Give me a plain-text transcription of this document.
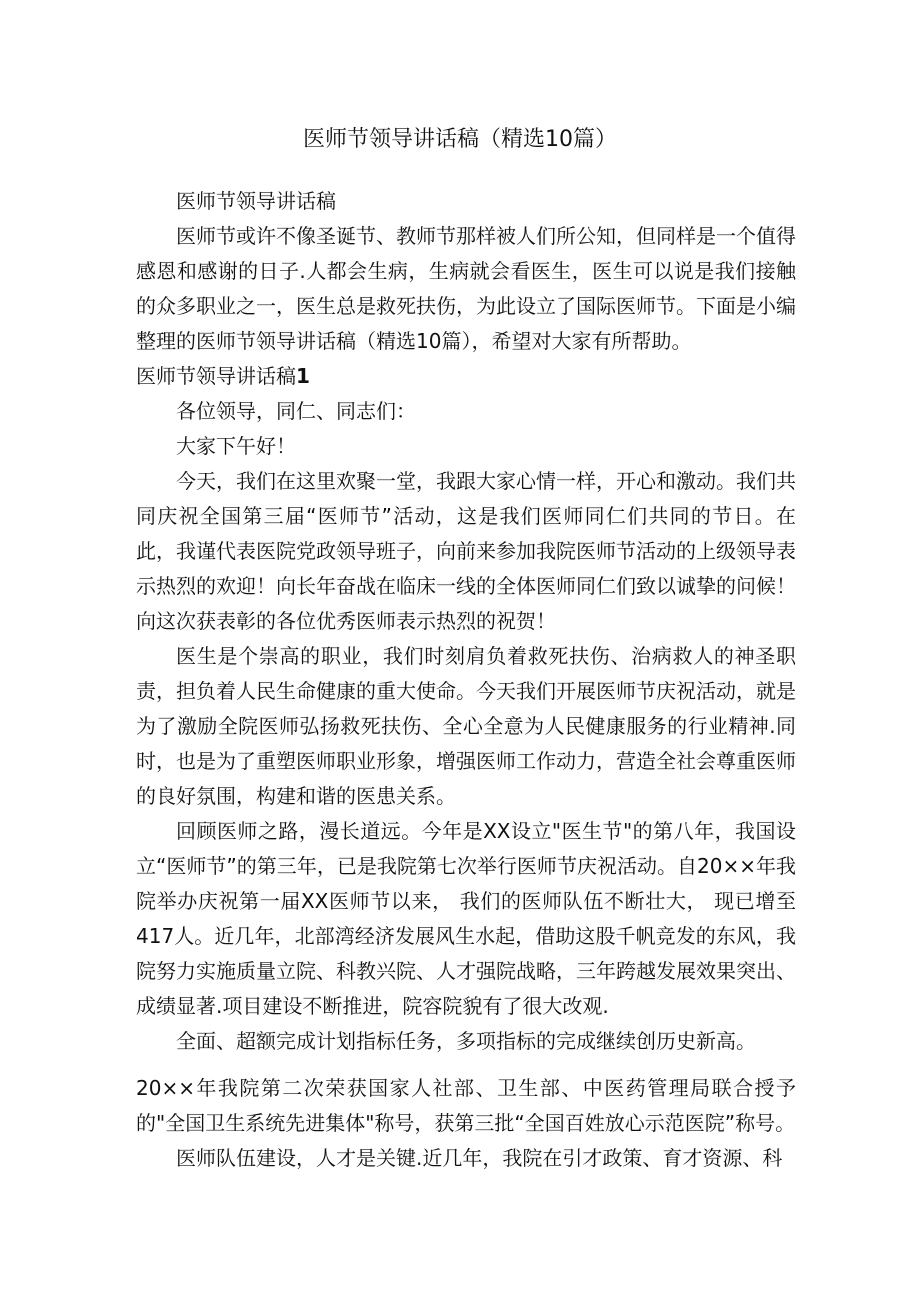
医师节领导讲话稿（精选10篇）

医师节领导讲话稿

医师节或许不像圣诞节、教师节那样被人们所公知，但同样是一个值得感恩和感谢的日子.人都会生病，生病就会看医生，医生可以说是我们接触的众多职业之一，医生总是救死扶伤，为此设立了国际医师节。下面是小编整理的医师节领导讲话稿（精选10篇），希望对大家有所帮助。

医师节领导讲话稿1

各位领导，同仁、同志们：

大家下午好！

今天，我们在这里欢聚一堂，我跟大家心情一样，开心和激动。我们共同庆祝全国第三届“医师节”活动，这是我们医师同仁们共同的节日。在此，我谨代表医院党政领导班子，向前来参加我院医师节活动的上级领导表示热烈的欢迎！向长年奋战在临床一线的全体医师同仁们致以诚挚的问候！向这次获表彰的各位优秀医师表示热烈的祝贺！

医生是个崇高的职业，我们时刻肩负着救死扶伤、治病救人的神圣职责，担负着人民生命健康的重大使命。今天我们开展医师节庆祝活动，就是为了激励全院医师弘扬救死扶伤、全心全意为人民健康服务的行业精神.同时，也是为了重塑医师职业形象，增强医师工作动力，营造全社会尊重医师的良好氛围，构建和谐的医患关系。

回顾医师之路，漫长道远。今年是XX设立"医生节"的第八年，我国设立“医师节”的第三年，已是我院第七次举行医师节庆祝活动。自20××年我院举办庆祝第一届XX医师节以来， 我们的医师队伍不断壮大， 现已增至417人。近几年，北部湾经济发展风生水起，借助这股千帆竞发的东风，我院努力实施质量立院、科教兴院、人才强院战略，三年跨越发展效果突出、成绩显著.项目建设不断推进，院容院貌有了很大改观.

全面、超额完成计划指标任务，多项指标的完成继续创历史新高。

20××年我院第二次荣获国家人社部、卫生部、中医药管理局联合授予的"全国卫生系统先进集体"称号，获第三批“全国百姓放心示范医院”称号。

医师队伍建设，人才是关键.近几年，我院在引才政策、育才资源、科
